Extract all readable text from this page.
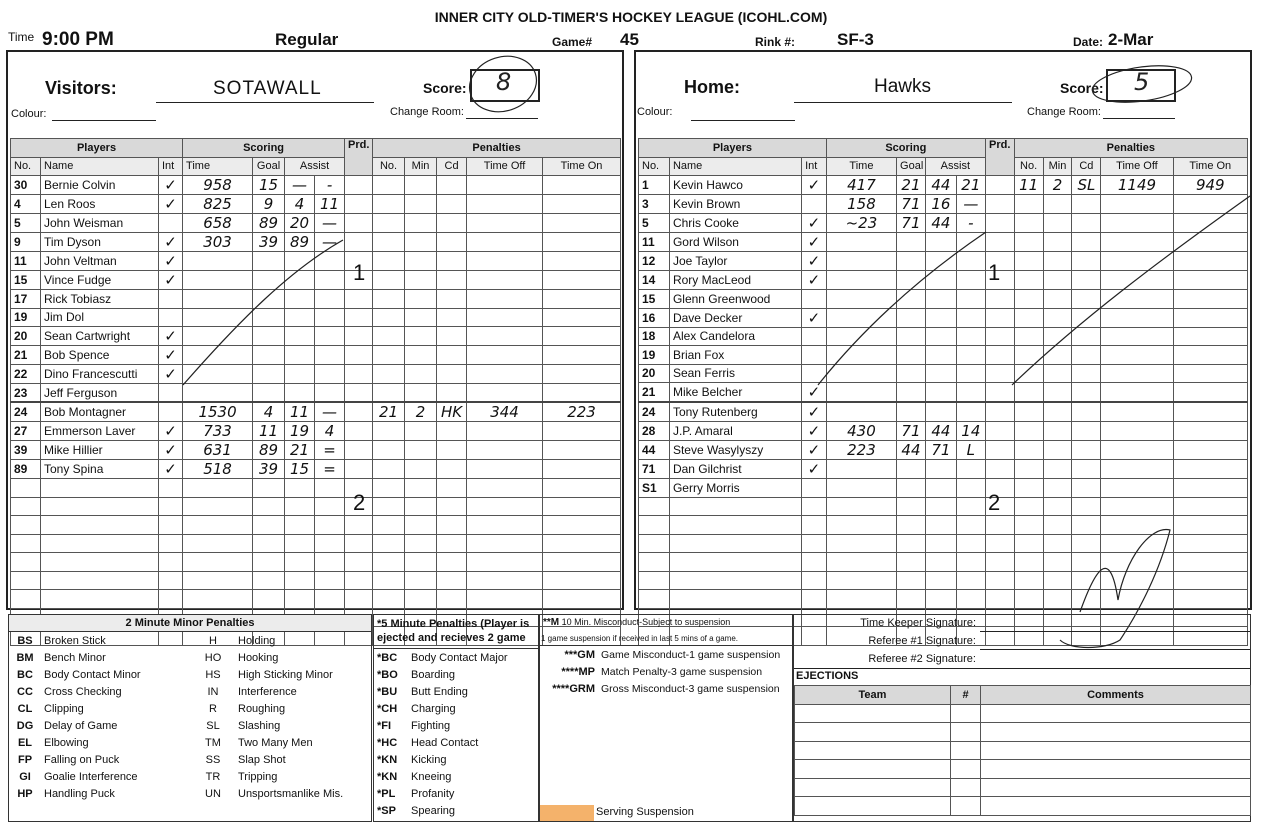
INNER CITY OLD-TIMER'S HOCKEY LEAGUE (ICOHL.COM)
Time 9:00 PM	Regular	Game# 45	Rink #: SF-3	Date: 2-Mar
Visitors:	SOTAWALL	Score: 8
Colour:	Change Room:
Players			Scoring				Prd.	Penalties				
No.	Name	Int	Time	Goal	Assist			No.	Min	Cd	Time Off	Time On
30	Bernie Colvin	✓	958	15	—	-						
4	Len Roos	✓	825	9	4	11						
5	John Weisman		658	89	20	—						
9	Tim Dyson	✓	303	39	89	—						
11	John Veltman	✓										
15	Vince Fudge	✓										
17	Rick Tobiasz											
19	Jim Dol											
20	Sean Cartwright	✓										
21	Bob Spence	✓										
22	Dino Francescutti	✓										
23	Jeff Ferguson											
24	Bob Montagner		1530	4	11	—		21	2	HK	344	223
27	Emmerson Laver	✓	733	11	19	4						
39	Mike Hillier	✓	631	89	21	=						
89	Tony Spina	✓	518	39	15	=						

1
2
Home:	Hawks	Score: 5
Colour:	Change Room:
Players			Scoring				Prd.	Penalties				
No.	Name	Int	Time	Goal	Assist			No.	Min	Cd	Time Off	Time On
1	Kevin Hawco	✓	417	21	44	21		11	2	SL	1149	949
3	Kevin Brown		158	71	16	—						
5	Chris Cooke	✓	~23	71	44	-						
11	Gord Wilson	✓										
12	Joe Taylor	✓										
14	Rory MacLeod	✓										
15	Glenn Greenwood											
16	Dave Decker	✓										
18	Alex Candelora											
19	Brian Fox											
20	Sean Ferris											
21	Mike Belcher	✓										
24	Tony Rutenberg	✓										
28	J.P. Amaral	✓	430	71	44	14						
44	Steve Wasylyszy	✓	223	44	71	L						
71	Dan Gilchrist	✓										
S1	Gerry Morris											

1
2
2 Minute Minor Penalties
BS	Broken Stick	H	Holding
BM	Bench Minor	HO	Hooking
BC	Body Contact Minor	HS	High Sticking Minor
CC	Cross Checking	IN	Interference
CL	Clipping	R	Roughing
DG	Delay of Game	SL	Slashing
EL	Elbowing	TM	Two Many Men
FP	Falling on Puck	SS	Slap Shot
GI	Goalie Interference	TR	Tripping
HP	Handling Puck	UN	Unsportsmanlike Mis.
*5 Minute Penalties (Player is ejected and recieves 2 game
*BC	Body Contact Major
*BO	Boarding
*BU	Butt Ending
*CH	Charging
*FI	Fighting
*HC	Head Contact
*KN	Kicking
*KN	Kneeing
*PL	Profanity
*SP	Spearing
**M 10 Min. Misconduct-Subject to suspension
1 game suspension if received in last 5 mins of a game.
***GM	Game Misconduct-1 game suspension
****MP	Match Penalty-3 game suspension
****GRM	Gross Misconduct-3 game suspension
Serving Suspension
Time Keeper Signature:
Referee #1 Signature:
Referee #2 Signature:
EJECTIONS
Team	#	Comments
